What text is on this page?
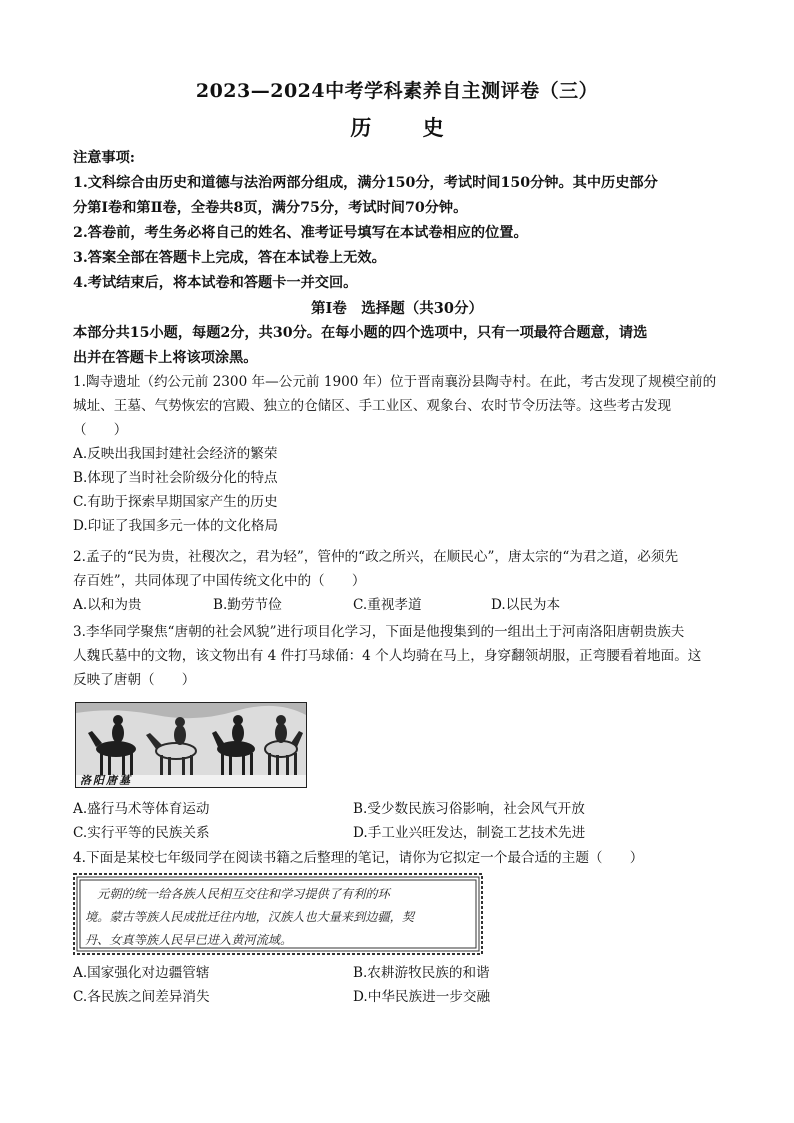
2023—2024中考学科素养自主测评卷（三）
历 史
注意事项:
1.文科综合由历史和道德与法治两部分组成，满分150分，考试时间150分钟。其中历史部分
分第Ⅰ卷和第Ⅱ卷，全卷共8页，满分75分，考试时间70分钟。
2.答卷前，考生务必将自己的姓名、准考证号填写在本试卷相应的位置。
3.答案全部在答题卡上完成，答在本试卷上无效。
4.考试结束后，将本试卷和答题卡一并交回。
第Ⅰ卷　选择题（共30分）
本部分共15小题，每题2分，共30分。在每小题的四个选项中，只有一项最符合题意，请选
出并在答题卡上将该项涂黑。
1.陶寺遗址（约公元前 2300 年—公元前 1900 年）位于晋南襄汾县陶寺村。在此，考古发现了规模空前的
城址、王墓、气势恢宏的宫殿、独立的仓储区、手工业区、观象台、农时节令历法等。这些考古发现
（　　）
A.反映出我国封建社会经济的繁荣
B.体现了当时社会阶级分化的特点
C.有助于探索早期国家产生的历史
D.印证了我国多元一体的文化格局
2.孟子的“民为贵，社稷次之，君为轻”，管仲的“政之所兴，在顺民心”，唐太宗的“为君之道，必须先
存百姓”，共同体现了中国传统文化中的（　　）
A.以和为贵	B.勤劳节俭	C.重视孝道	D.以民为本
3.李华同学聚焦“唐朝的社会风貌”进行项目化学习，下面是他搜集到的一组出土于河南洛阳唐朝贵族夫
人魏氏墓中的文物，该文物出有 4 件打马球俑：4 个人均骑在马上，身穿翻领胡服，正弯腰看着地面。这
反映了唐朝（　　）
洛阳唐墓
A.盛行马术等体育运动	B.受少数民族习俗影响，社会风气开放
C.实行平等的民族关系	D.手工业兴旺发达，制瓷工艺技术先进
4.下面是某校七年级同学在阅读书籍之后整理的笔记，请你为它拟定一个最合适的主题（　　）
　元朝的统一给各族人民相互交往和学习提供了有利的环
境。蒙古等族人民成批迁往内地，汉族人也大量来到边疆，契
丹、女真等族人民早已进入黄河流域。
A.国家强化对边疆管辖	B.农耕游牧民族的和谐
C.各民族之间差异消失	D.中华民族进一步交融
